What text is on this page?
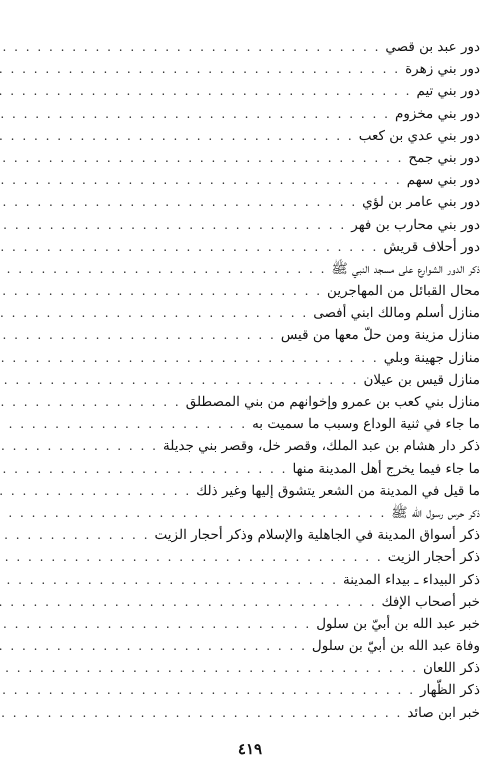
دور عبد بن قصي
. . .
دور بني زهرة
. . .
دور بني تيم
. . .
دور بني مخزوم
. . .
دور بني عدي بن كعب
. . .
دور بني جمح
. . .
دور بني سهم
. . .
دور بني عامر بن لؤي
. . .
دور بني محارب بن فهر
. . .
دور أحلاف قريش
. . .
ذكر الدور الشوارع على مسجد النبي ﷺ
. . .
محال القبائل من المهاجرين
. . .
منازل أسلم ومالك ابني أفصى
. . .
منازل مزينة ومن حلّ معها من قيس
. . .
منازل جهينة وبلي
. . .
منازل قيس بن عيلان
. . .
منازل بني كعب بن عمرو وإخوانهم من بني المصطلق
. . .
ما جاء في ثنية الوداع وسبب ما سميت به
. . .
ذكر دار هشام بن عبد الملك، وقصر خل، وقصر بني جديلة
. . .
ما جاء فيما يخرج أهل المدينة منها
. . .
ما قيل في المدينة من الشعر يتشوق إليها وغير ذلك
. . .
ذكر حرس رسول الله ﷺ
. . .
ذكر أسواق المدينة في الجاهلية والإسلام وذكر أحجار الزيت
. . .
ذكر أحجار الزيت
. . .
ذكر البيداء ـ بيداء المدينة
. . .
خبر أصحاب الإفك
. . .
خبر عبد الله بن أبيّ بن سلول
. . .
وفاة عبد الله بن أبيّ بن سلول
. . .
ذكر اللعان
. . .
ذكر الظّهار
. . .
خبر ابن صائد
. . .
٤١٩
